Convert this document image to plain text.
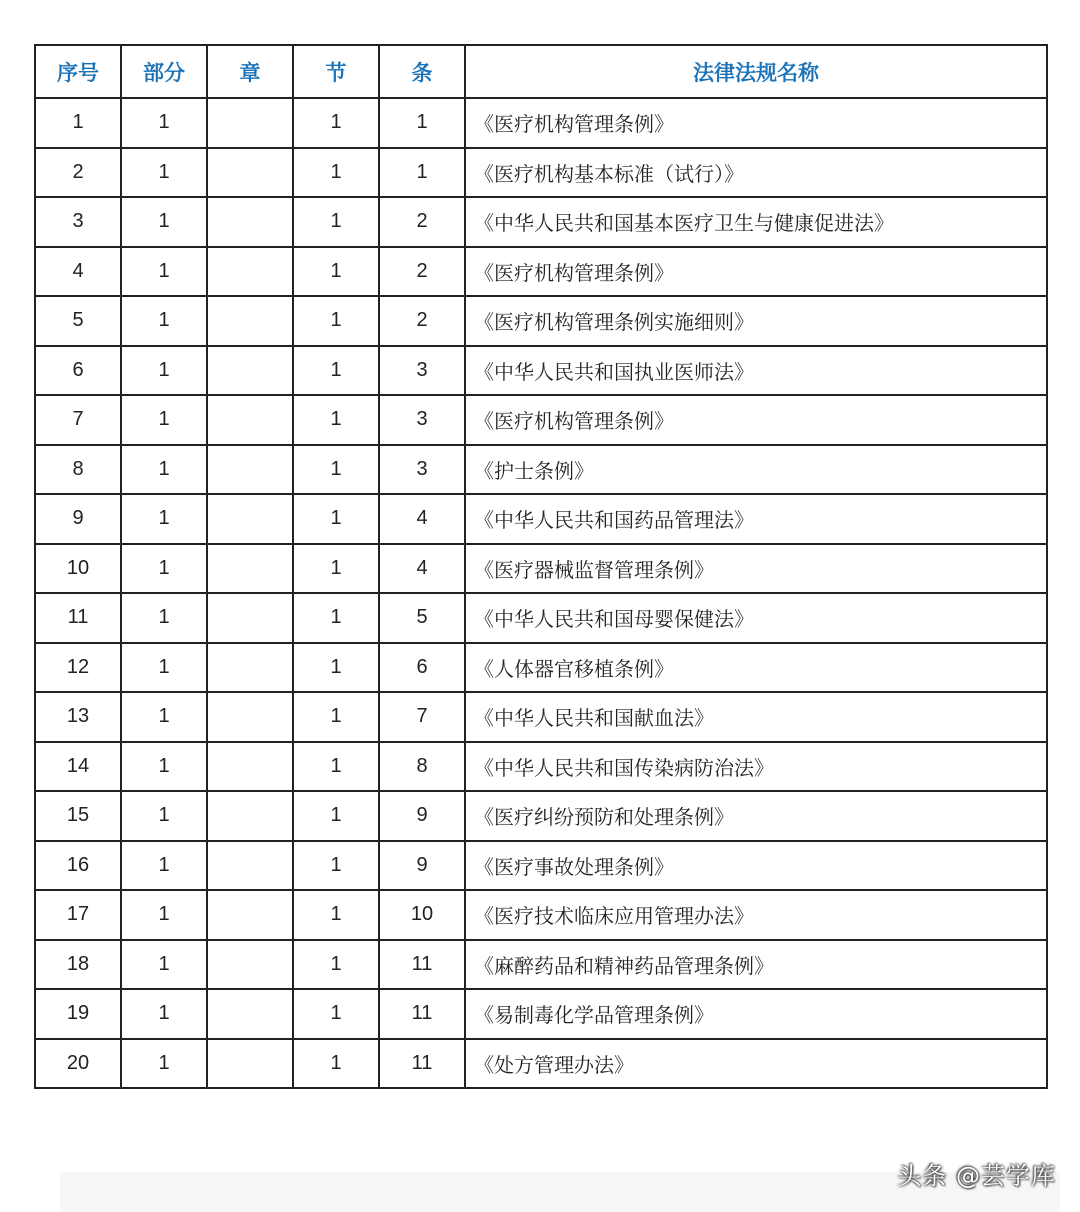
序号	部分	章	节	条	法律法规名称
1	1		1	1	《医疗机构管理条例》
2	1		1	1	《医疗机构基本标准（试行）》
3	1		1	2	《中华人民共和国基本医疗卫生与健康促进法》
4	1		1	2	《医疗机构管理条例》
5	1		1	2	《医疗机构管理条例实施细则》
6	1		1	3	《中华人民共和国执业医师法》
7	1		1	3	《医疗机构管理条例》
8	1		1	3	《护士条例》
9	1		1	4	《中华人民共和国药品管理法》
10	1		1	4	《医疗器械监督管理条例》
11	1		1	5	《中华人民共和国母婴保健法》
12	1		1	6	《人体器官移植条例》
13	1		1	7	《中华人民共和国献血法》
14	1		1	8	《中华人民共和国传染病防治法》
15	1		1	9	《医疗纠纷预防和处理条例》
16	1		1	9	《医疗事故处理条例》
17	1		1	10	《医疗技术临床应用管理办法》
18	1		1	11	《麻醉药品和精神药品管理条例》
19	1		1	11	《易制毒化学品管理条例》
20	1		1	11	《处方管理办法》
头条 @芸学库
